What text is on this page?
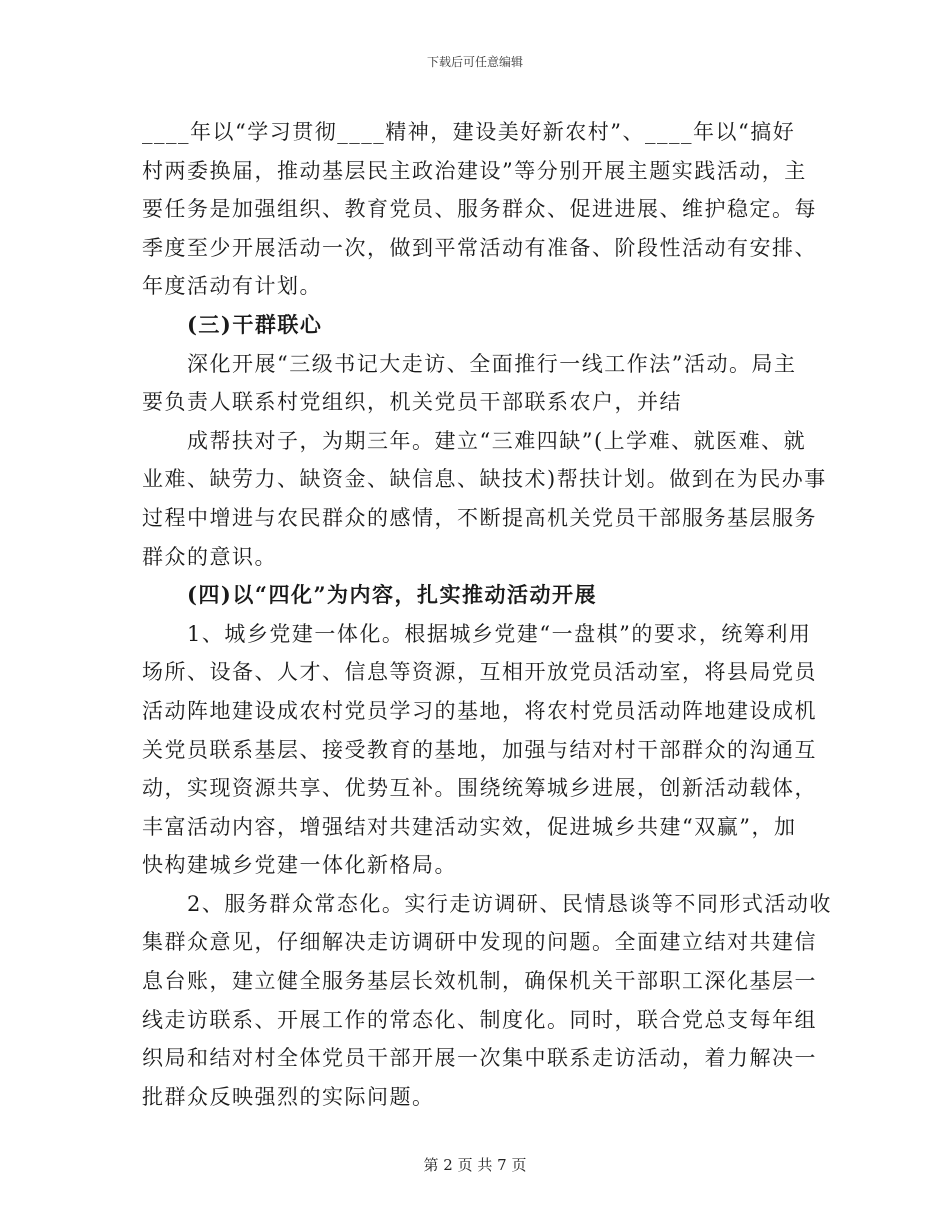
下载后可任意编辑
____年以“学习贯彻____精神，建设美好新农村”、____年以“搞好
村两委换届，推动基层民主政治建设”等分别开展主题实践活动，主
要任务是加强组织、教育党员、服务群众、促进进展、维护稳定。每
季度至少开展活动一次，做到平常活动有准备、阶段性活动有安排、
年度活动有计划。
(三)干群联心
深化开展“三级书记大走访、全面推行一线工作法”活动。局主
要负责人联系村党组织，机关党员干部联系农户，并结
成帮扶对子，为期三年。建立“三难四缺”(上学难、就医难、就
业难、缺劳力、缺资金、缺信息、缺技术)帮扶计划。做到在为民办事
过程中增进与农民群众的感情，不断提高机关党员干部服务基层服务
群众的意识。
(四)以“四化”为内容，扎实推动活动开展
1、城乡党建一体化。根据城乡党建“一盘棋”的要求，统筹利用
场所、设备、人才、信息等资源，互相开放党员活动室，将县局党员
活动阵地建设成农村党员学习的基地，将农村党员活动阵地建设成机
关党员联系基层、接受教育的基地，加强与结对村干部群众的沟通互
动，实现资源共享、优势互补。围绕统筹城乡进展，创新活动载体，
丰富活动内容，增强结对共建活动实效，促进城乡共建“双赢”，加
快构建城乡党建一体化新格局。
2、服务群众常态化。实行走访调研、民情恳谈等不同形式活动收
集群众意见，仔细解决走访调研中发现的问题。全面建立结对共建信
息台账，建立健全服务基层长效机制，确保机关干部职工深化基层一
线走访联系、开展工作的常态化、制度化。同时，联合党总支每年组
织局和结对村全体党员干部开展一次集中联系走访活动，着力解决一
批群众反映强烈的实际问题。
第 2 页 共 7 页
